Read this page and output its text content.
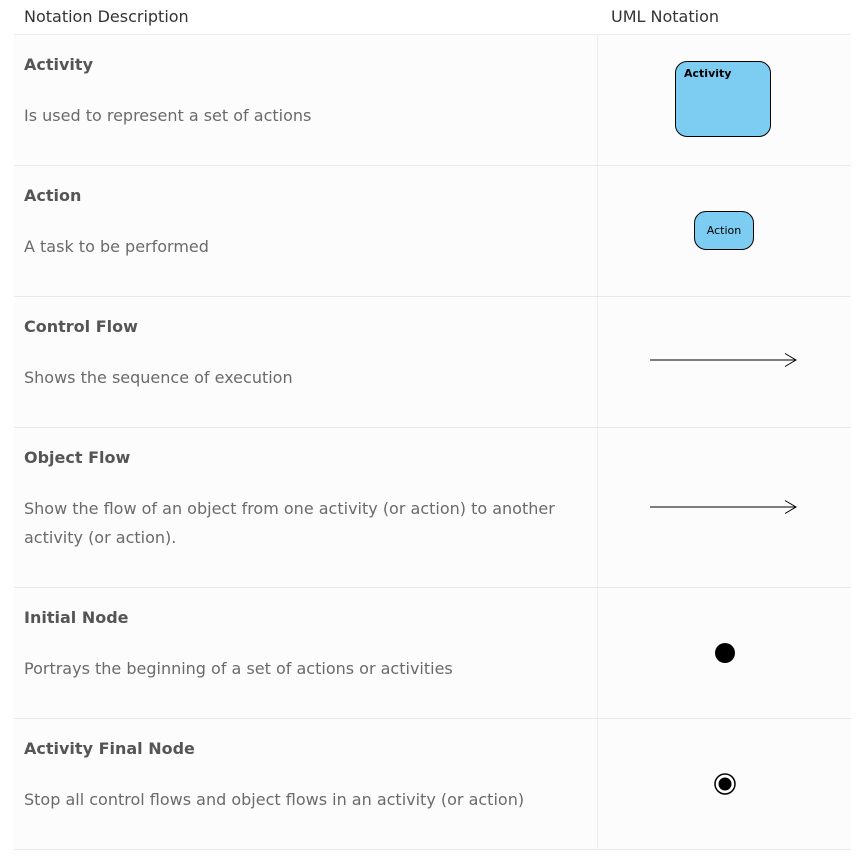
Notation Description	UML Notation

Activity

Is used to represent a set of actions

Activity

Action

A task to be performed

Action

Control Flow

Shows the sequence of execution

Object Flow

Show the flow of an object from one activity (or action) to another activity (or action).

Initial Node

Portrays the beginning of a set of actions or activities

Activity Final Node

Stop all control flows and object flows in an activity (or action)
